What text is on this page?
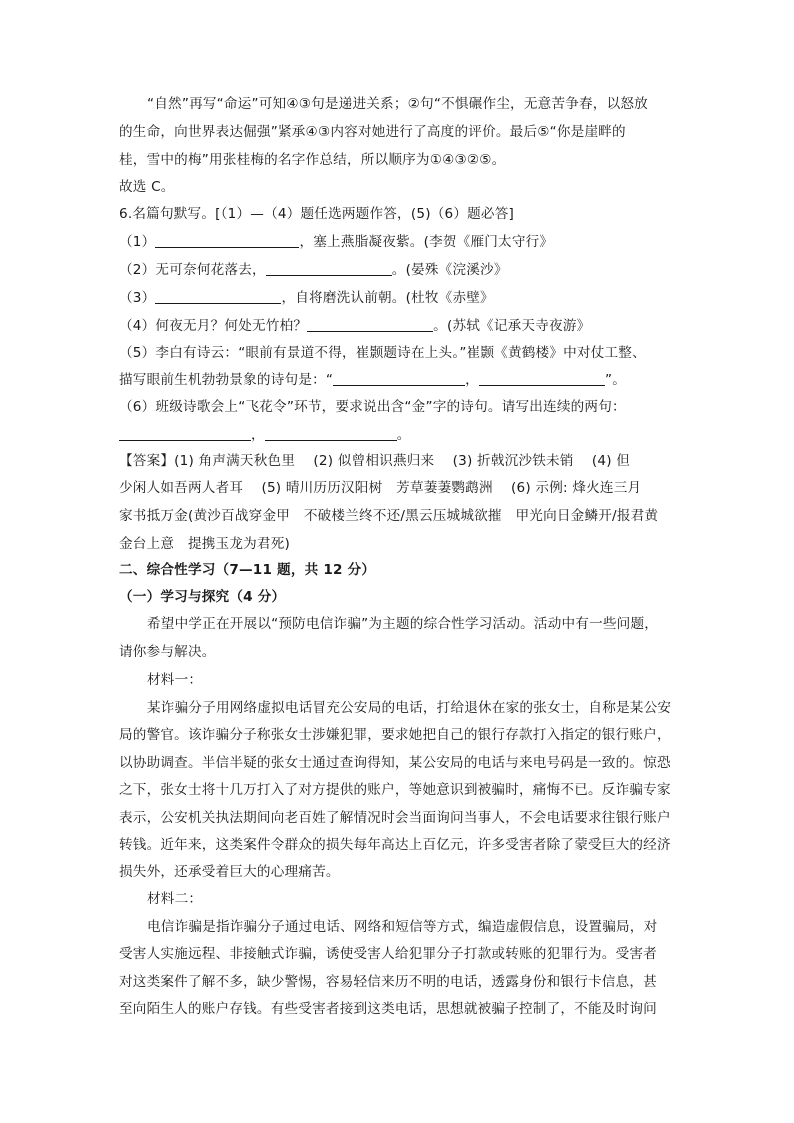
“自然”再写“命运”可知④③句是递进关系；②句“不惧碾作尘，无意苦争春，以怒放
的生命，向世界表达倔强”紧承④③内容对她进行了高度的评价。最后⑤“你是崖畔的
桂，雪中的梅”用张桂梅的名字作总结，所以顺序为①④③②⑤。
故选 C。
6.名篇句默写。[（1）—（4）题任选两题作答，(5)（6）题必答]
（1）	，塞上燕脂凝夜紫。(李贺《雁门太守行》
（2）无可奈何花落去，	。(晏殊《浣溪沙》
（3）	，自将磨洗认前朝。(杜牧《赤壁》
（4）何夜无月？何处无竹柏？	。(苏轼《记承天寺夜游》
（5）李白有诗云：“眼前有景道不得，崔颢题诗在上头。”崔颢《黄鹤楼》中对仗工整、
描写眼前生机勃勃景象的诗句是：“	，	”。
（6）班级诗歌会上“飞花令”环节，要求说出含“金”字的诗句。请写出连续的两句：
，	。
【答案】(1) 角声满天秋色里　 (2) 似曾相识燕归来　 (3) 折戟沉沙铁未销　 (4) 但
少闲人如吾两人者耳　 (5) 晴川历历汉阳树　芳草萋萋鹦鹉洲　 (6) 示例: 烽火连三月
家书抵万金(黄沙百战穿金甲　不破楼兰终不还/黑云压城城欲摧　甲光向日金鳞开/报君黄
金台上意　提携玉龙为君死)
二、综合性学习（7—11 题，共 12 分）
（一）学习与探究（4 分）
希望中学正在开展以“预防电信诈骗”为主题的综合性学习活动。活动中有一些问题，
请你参与解决。
材料一：
某诈骗分子用网络虚拟电话冒充公安局的电话，打给退休在家的张女士，自称是某公安
局的警官。该诈骗分子称张女士涉嫌犯罪，要求她把自己的银行存款打入指定的银行账户，
以协助调查。半信半疑的张女士通过查询得知，某公安局的电话与来电号码是一致的。惊恐
之下，张女士将十几万打入了对方提供的账户，等她意识到被骗时，痛悔不已。反诈骗专家
表示，公安机关执法期间向老百姓了解情况时会当面询问当事人，不会电话要求往银行账户
转钱。近年来，这类案件令群众的损失每年高达上百亿元，许多受害者除了蒙受巨大的经济
损失外，还承受着巨大的心理痛苦。
材料二：
电信诈骗是指诈骗分子通过电话、网络和短信等方式，编造虚假信息，设置骗局，对
受害人实施远程、非接触式诈骗，诱使受害人给犯罪分子打款或转账的犯罪行为。受害者
对这类案件了解不多，缺少警惕，容易轻信来历不明的电话，透露身份和银行卡信息，甚
至向陌生人的账户存钱。有些受害者接到这类电话，思想就被骗子控制了，不能及时询问
